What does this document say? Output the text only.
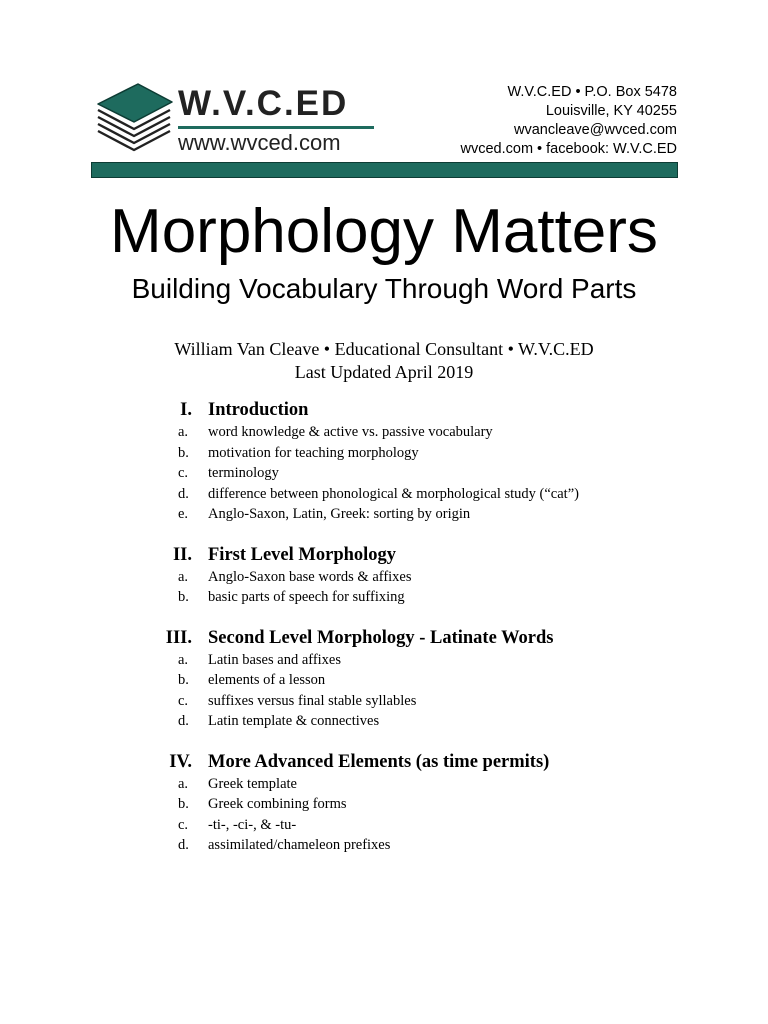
W.V.C.ED
www.wvced.com
W.V.C.ED • P.O. Box 5478
Louisville, KY 40255
wvancleave@wvced.com
wvced.com • facebook: W.V.C.ED
Morphology Matters
Building Vocabulary Through Word Parts
William Van Cleave • Educational Consultant • W.V.C.ED
Last Updated April 2019
I. Introduction
a. word knowledge & active vs. passive vocabulary
b. motivation for teaching morphology
c. terminology
d. difference between phonological & morphological study (“cat”)
e. Anglo-Saxon, Latin, Greek: sorting by origin
II. First Level Morphology
a. Anglo-Saxon base words & affixes
b. basic parts of speech for suffixing
III. Second Level Morphology - Latinate Words
a. Latin bases and affixes
b. elements of a lesson
c. suffixes versus final stable syllables
d. Latin template & connectives
IV. More Advanced Elements (as time permits)
a. Greek template
b. Greek combining forms
c. -ti-, -ci-, & -tu-
d. assimilated/chameleon prefixes
